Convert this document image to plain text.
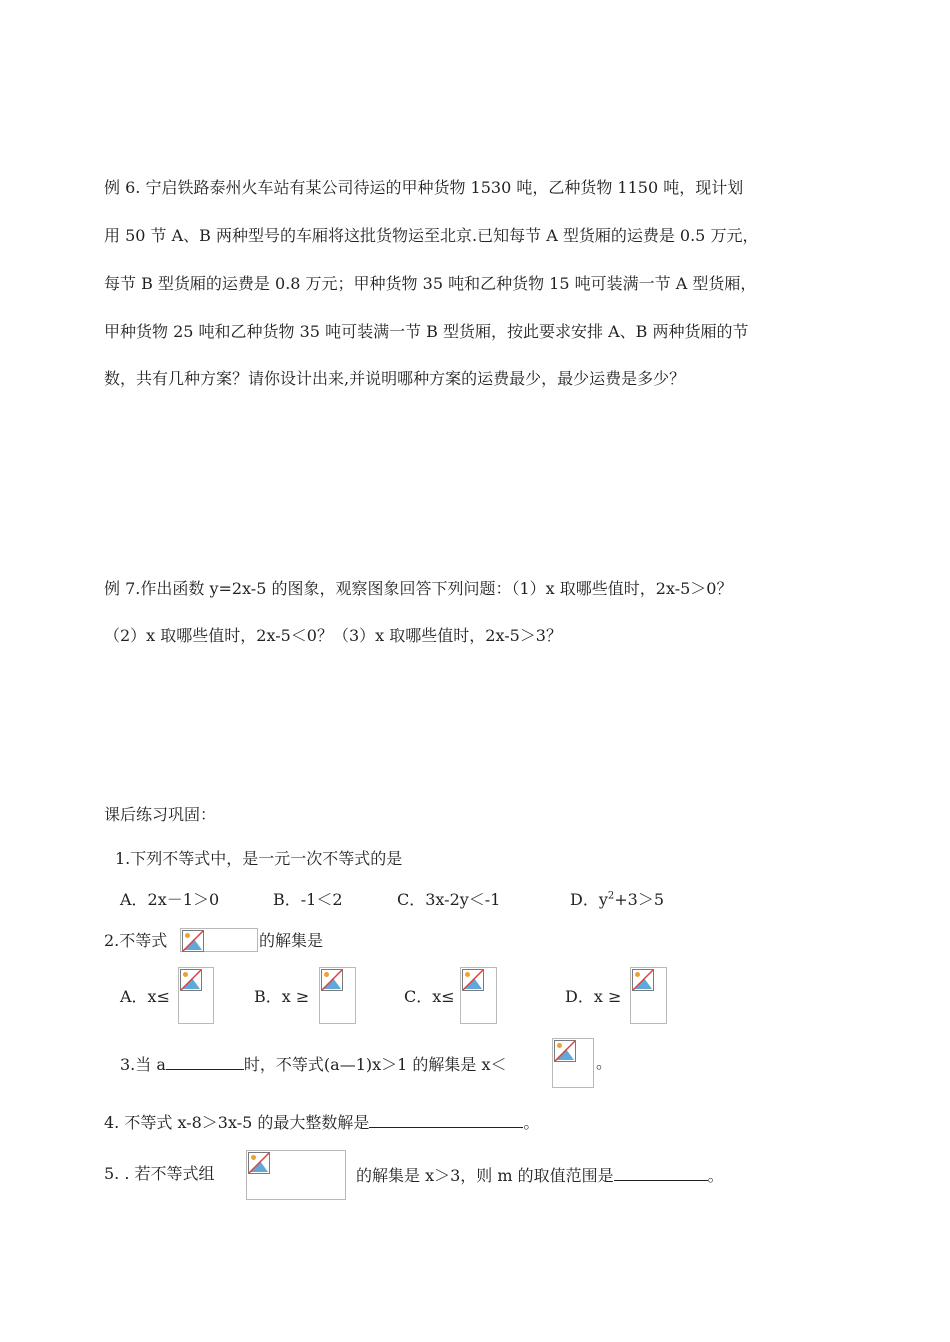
例 6. 宁启铁路泰州火车站有某公司待运的甲种货物 1530 吨，乙种货物 1150 吨，现计划
用 50 节 A、B 两种型号的车厢将这批货物运至北京.已知每节 A 型货厢的运费是 0.5 万元，
每节 B 型货厢的运费是 0.8 万元；甲种货物 35 吨和乙种货物 15 吨可装满一节 A 型货厢，
甲种货物 25 吨和乙种货物 35 吨可装满一节 B 型货厢，按此要求安排 A、B 两种货厢的节
数，共有几种方案？请你设计出来,并说明哪种方案的运费最少，最少运费是多少？
例 7.作出函数 y=2x-5 的图象，观察图象回答下列问题：（1）x 取哪些值时，2x-5＞0？
（2）x 取哪些值时，2x-5＜0？（3）x 取哪些值时，2x-5＞3？
课后练习巩固：
1.下列不等式中，是一元一次不等式的是
A．2x－1＞0	B．-1＜2	C．3x-2y＜-1	D．$y^2+3>5$
2.不等式	的解集是
A．x≤	B．x ≥	C．x≤	D．x ≥
3.当 a	时，不等式(a—1)x＞1 的解集是 x＜	。
4. 不等式 x-8＞3x-5 的最大整数解是	。
5. . 若不等式组	的解集是 x＞3，则 m 的取值范围是	。
